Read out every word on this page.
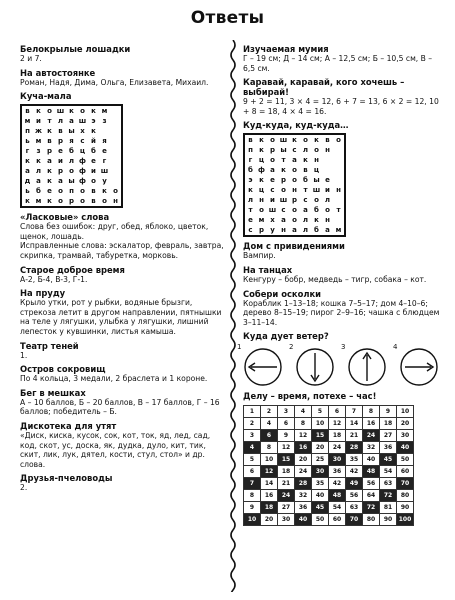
Ответы
Белокрылые лошадки
2 и 7.
На автостоянке
Роман, Надя, Дима, Ольга, Елизавета, Михаил.
Куча-мала
в	к	о	ш	к	о	к	м	
м	и	т	л	а	ш	э	з	
п	ж	к	в	ы	х	к		
ь	м	в	р	я	с	й	я	
г	з	р	е	б	ц	б	е	
к	к	а	и	л	ф	е	г	
а	л	к	р	о	ф	и	ш	
д	а	к	а	ы	ф	о	у	
ь	б	е	о	п	о	в	к	о
к	м	к	о	р	о	в	о	н
«Ласковые» слова
Слова без ошибок: друг, обед, яблоко, цветок, щенок, лошадь.
Исправленные слова: эскалатор, февраль, завтра, скрипка, трамвай, табуретка, морковь.
Старое доброе время
А-2, Б-4, В-3, Г-1.
На пруду
Крыло утки, рот у рыбки, водяные брызги, стрекоза летит в другом направлении, пятнышки на теле у лягушки, улыбка у лягушки, лишний лепесток у кувшинки, листья камыша.
Театр теней
1.
Остров сокровищ
По 4 кольца, 3 медали, 2 браслета и 1 короне.
Бег в мешках
А – 10 баллов, Б – 20 баллов, В – 17 баллов, Г – 16 баллов; победитель – Б.
Дискотека для утят
«Диск, киска, кусок, сок, кот, ток, яд, лед, сад, код, скот, ус, доска, як, дудка, дуло, кит, тик, скит, лик, лук, дятел, кости, стул, стол» и др. слова.
Друзья-пчеловоды
2.
Изучаемая мумия
Г – 19 см; Д – 14 см; А – 12,5 см; Б – 10,5 см, В – 6,5 см.
Каравай, каравай, кого хочешь – выбирай!
9 + 2 = 11, 3 × 4 = 12, 6 + 7 = 13, 6 × 2 = 12, 10 + 8 = 18, 4 × 4 = 16.
Куд-куда, куд-куда…
в	к	о	ш	к	о	к	в	о
п	к	р	ы	с	л	о	н	
г	ц	о	т	а	к	н		
б	ф	а	к	о	в	ц		
э	к	е	р	о	б	ы	е	
к	ц	с	о	н	т	ш	и	н
л	н	и	ш	р	с	о	л	
т	о	ш	с	о	а	б	о	т
е	м	х	а	о	л	к	н	
с	р	у	н	а	л	б	а	м
Дом с привидениями
Вампир.
На танцах
Кенгуру – бобр, медведь – тигр, собака – кот.
Собери осколки
Кораблик 1–13–18; кошка 7–5–17; дом 4–10–6; дерево 8–15–19; пирог 2–9–16; чашка с блюдцем 3–11–14.
Куда дует ветер?
1	2	3	4
Делу – время, потехе – час!
1	2	3	4	5	6	7	8	9	10
2	4	6	8	10	12	14	16	18	20
3	6	9	12	15	18	21	24	27	30
4	8	12	16	20	24	28	32	36	40
5	10	15	20	25	30	35	40	45	50
6	12	18	24	30	36	42	48	54	60
7	14	21	28	35	42	49	56	63	70
8	16	24	32	40	48	56	64	72	80
9	18	27	36	45	54	63	72	81	90
10	20	30	40	50	60	70	80	90	100
